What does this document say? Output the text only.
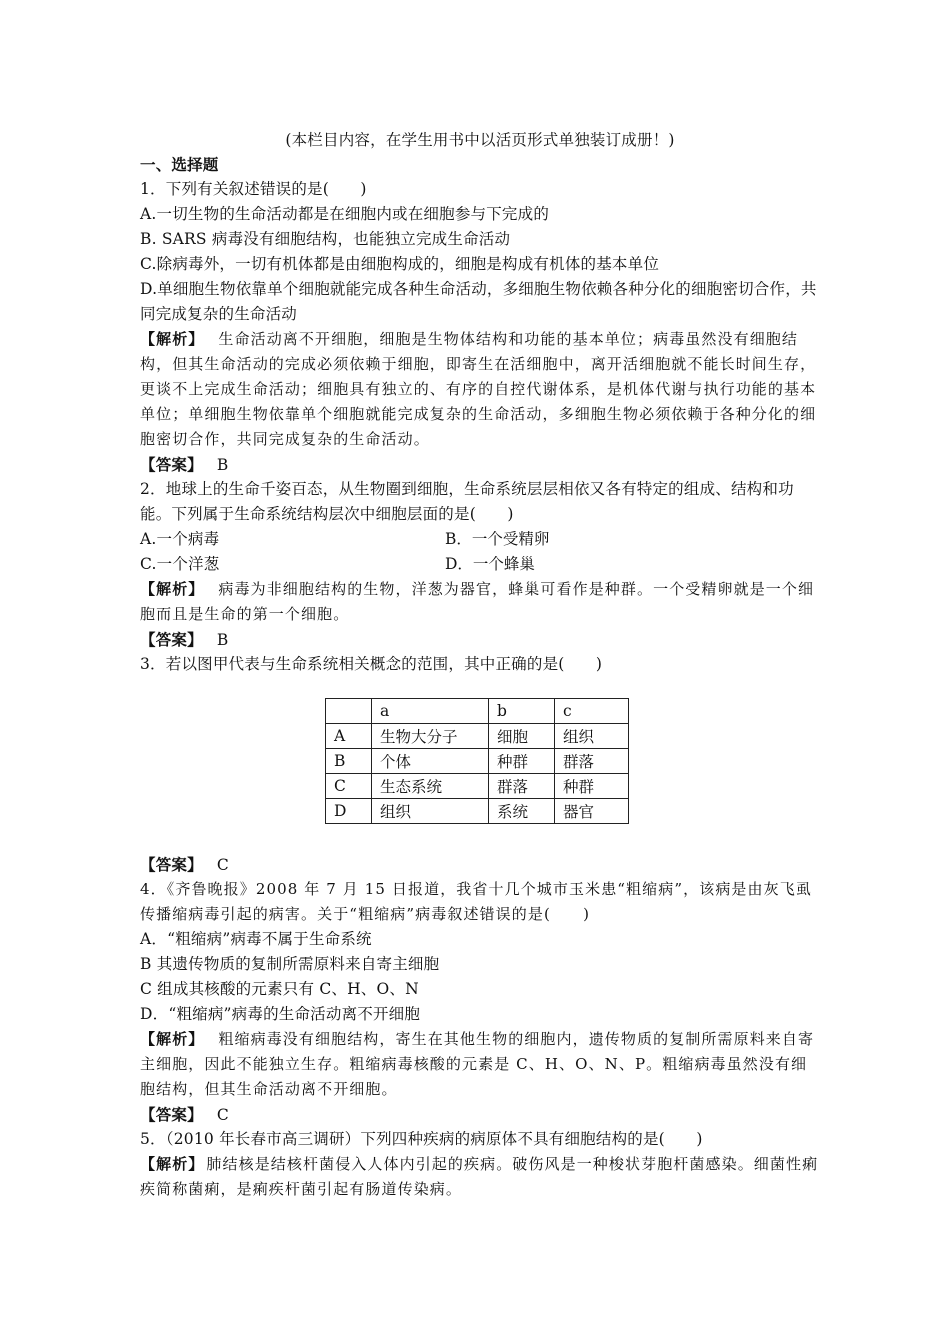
(本栏目内容，在学生用书中以活页形式单独装订成册！)
一、选择题
1．下列有关叙述错误的是(　　)
A.一切生物的生命活动都是在细胞内或在细胞参与下完成的
B. SARS 病毒没有细胞结构，也能独立完成生命活动
C.除病毒外，一切有机体都是由细胞构成的，细胞是构成有机体的基本单位
D.单细胞生物依靠单个细胞就能完成各种生命活动，多细胞生物依赖各种分化的细胞密切合作，共同完成复杂的生命活动
【解析】 生命活动离不开细胞，细胞是生物体结构和功能的基本单位；病毒虽然没有细胞结构，但其生命活动的完成必须依赖于细胞，即寄生在活细胞中，离开活细胞就不能长时间生存，更谈不上完成生命活动；细胞具有独立的、有序的自控代谢体系，是机体代谢与执行功能的基本单位；单细胞生物依靠单个细胞就能完成复杂的生命活动，多细胞生物必须依赖于各种分化的细胞密切合作，共同完成复杂的生命活动。
【答案】 B
2．地球上的生命千姿百态，从生物圈到细胞，生命系统层层相依又各有特定的组成、结构和功能。下列属于生命系统结构层次中细胞层面的是(　　)
A.一个病毒	B．一个受精卵
C.一个洋葱	D．一个蜂巢
【解析】 病毒为非细胞结构的生物，洋葱为器官，蜂巢可看作是种群。一个受精卵就是一个细胞而且是生命的第一个细胞。
【答案】 B
3．若以图甲代表与生命系统相关概念的范围，其中正确的是(　　)
	a	b	c
A	生物大分子	细胞	组织
B	个体	种群	群落
C	生态系统	群落	种群
D	组织	系统	器官
【答案】 C
4．《齐鲁晚报》2008 年 7 月 15 日报道，我省十几个城市玉米患“粗缩病”，该病是由灰飞虱传播缩病毒引起的病害。关于“粗缩病”病毒叙述错误的是(　　)
A．“粗缩病”病毒不属于生命系统
B 其遗传物质的复制所需原料来自寄主细胞
C 组成其核酸的元素只有 C、H、O、N
D．“粗缩病”病毒的生命活动离不开细胞
【解析】 粗缩病毒没有细胞结构，寄生在其他生物的细胞内，遗传物质的复制所需原料来自寄主细胞，因此不能独立生存。粗缩病毒核酸的元素是 C、H、O、N、P。粗缩病毒虽然没有细胞结构，但其生命活动离不开细胞。
【答案】 C
5．（2010 年长春市高三调研）下列四种疾病的病原体不具有细胞结构的是(　　)
【解析】 肺结核是结核杆菌侵入人体内引起的疾病。破伤风是一种梭状芽胞杆菌感染。细菌性痢疾简称菌痢，是痢疾杆菌引起有肠道传染病。
